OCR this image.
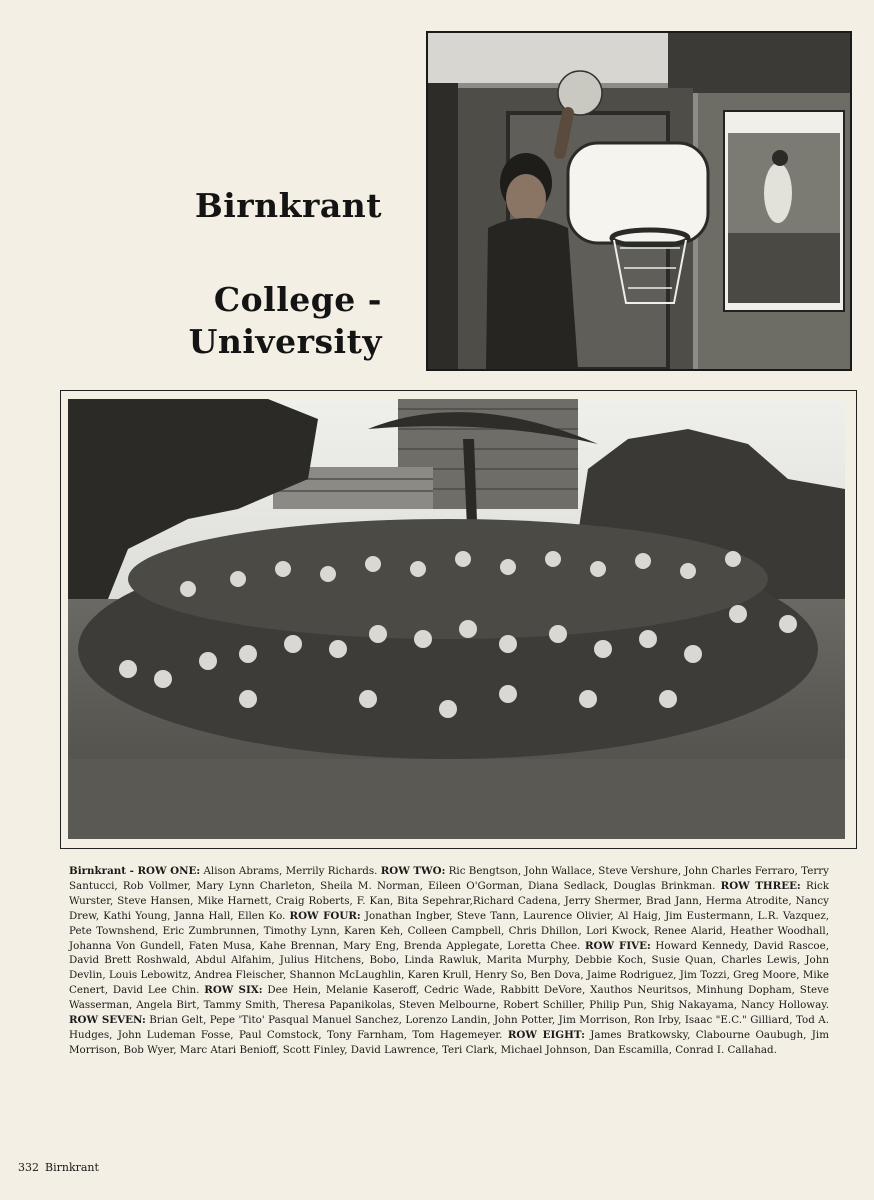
Birnkrant
College -
University
Birnkrant - ROW ONE: Alison Abrams, Merrily Richards. ROW TWO: Ric Bengtson, John Wallace, Steve Vershure, John Charles Ferraro, Terry Santucci, Rob Vollmer, Mary Lynn Charleton, Sheila M. Norman, Eileen O'Gorman, Diana Sedlack, Douglas Brinkman. ROW THREE: Rick Wurster, Steve Hansen, Mike Harnett, Craig Roberts, F. Kan, Bita Sepehrar,Richard Cadena, Jerry Shermer, Brad Jann, Herma Atrodite, Nancy Drew, Kathi Young, Janna Hall, Ellen Ko. ROW FOUR: Jonathan Ingber, Steve Tann, Laurence Olivier, Al Haig, Jim Eustermann, L.R. Vazquez, Pete Townshend, Eric Zumbrunnen, Timothy Lynn, Karen Keh, Colleen Campbell, Chris Dhillon, Lori Kwock, Renee Alarid, Heather Woodhall, Johanna Von Gundell, Faten Musa, Kahe Brennan, Mary Eng, Brenda Applegate, Loretta Chee. ROW FIVE: Howard Kennedy, David Rascoe, David Brett Roshwald, Abdul Alfahim, Julius Hitchens, Bobo, Linda Rawluk, Marita Murphy, Debbie Koch, Susie Quan, Charles Lewis, John Devlin, Louis Lebowitz, Andrea Fleischer, Shannon McLaughlin, Karen Krull, Henry So, Ben Dova, Jaime Rodriguez, Jim Tozzi, Greg Moore, Mike Cenert, David Lee Chin. ROW SIX: Dee Hein, Melanie Kaseroff, Cedric Wade, Rabbitt DeVore, Xauthos Neuritsos, Minhung Dopham, Steve Wasserman, Angela Birt, Tammy Smith, Theresa Papanikolas, Steven Melbourne, Robert Schiller, Philip Pun, Shig Nakayama, Nancy Holloway. ROW SEVEN: Brian Gelt, Pepe 'Tito' Pasqual Manuel Sanchez, Lorenzo Landin, John Potter, Jim Morrison, Ron Irby, Isaac "E.C." Gilliard, Tod A. Hudges, John Ludeman Fosse, Paul Comstock, Tony Farnham, Tom Hagemeyer. ROW EIGHT: James Bratkowsky, Clabourne Oaubugh, Jim Morrison, Bob Wyer, Marc Atari Benioff, Scott Finley, David Lawrence, Teri Clark, Michael Johnson, Dan Escamilla, Conrad I. Callahad.
332 Birnkrant
